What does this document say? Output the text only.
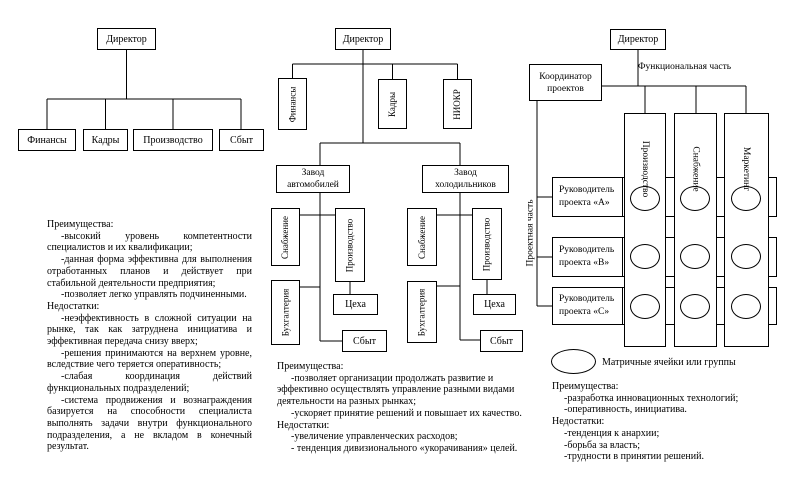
Директор
Финансы	Кадры	Производство	Сбыт
Директор
Финансы	Кадры	НИОКР
Завод автомобилей
Завод холодильников
Снабжение	Производство
Бухгалтерия	Цеха
Сбыт
Снабжение	Производство
Бухгалтерия	Цеха
Сбыт
Директор
Координатор проектов
Функциональная часть
Проектная часть
Руководитель проекта «А»
Руководитель проекта «В»
Руководитель проекта «С»
Производство	Снабжение	Маркетинг
Матричные ячейки или группы

Преимущества:

-высокий уровень компетентности специалистов и их квалификации;

-данная форма эффективна для выполнения отработанных планов и действует при стабильной деятельности предприятия;

-позволяет легко управлять подчиненными.

Недостатки:

-неэффективность в сложной ситуации на рынке, так как затруднена инициатива и эффективная передача снизу вверх;

-решения принимаются на верхнем уровне, вследствие чего теряется оперативность;

-слабая координация действий функциональных подразделений;

-система продвижения и вознаграждения базируется на способности специалиста выполнять задачи внутри функционального подразделения, а не вкладом в конечный результат.

Преимущества:

-позволяет организации продолжать развитие и эффективно осуществлять управление разными видами деятельности на разных рынках;

-ускоряет принятие решений и повышает их качество.

Недостатки:

-увеличение управленческих расходов;

- тенденция дивизионального «укорачивания» целей.

Преимущества:

-разработка инновационных технологий;

-оперативность, инициатива.

Недостатки:

-тенденция к анархии;

-борьба за власть;

-трудности в принятии решений.
